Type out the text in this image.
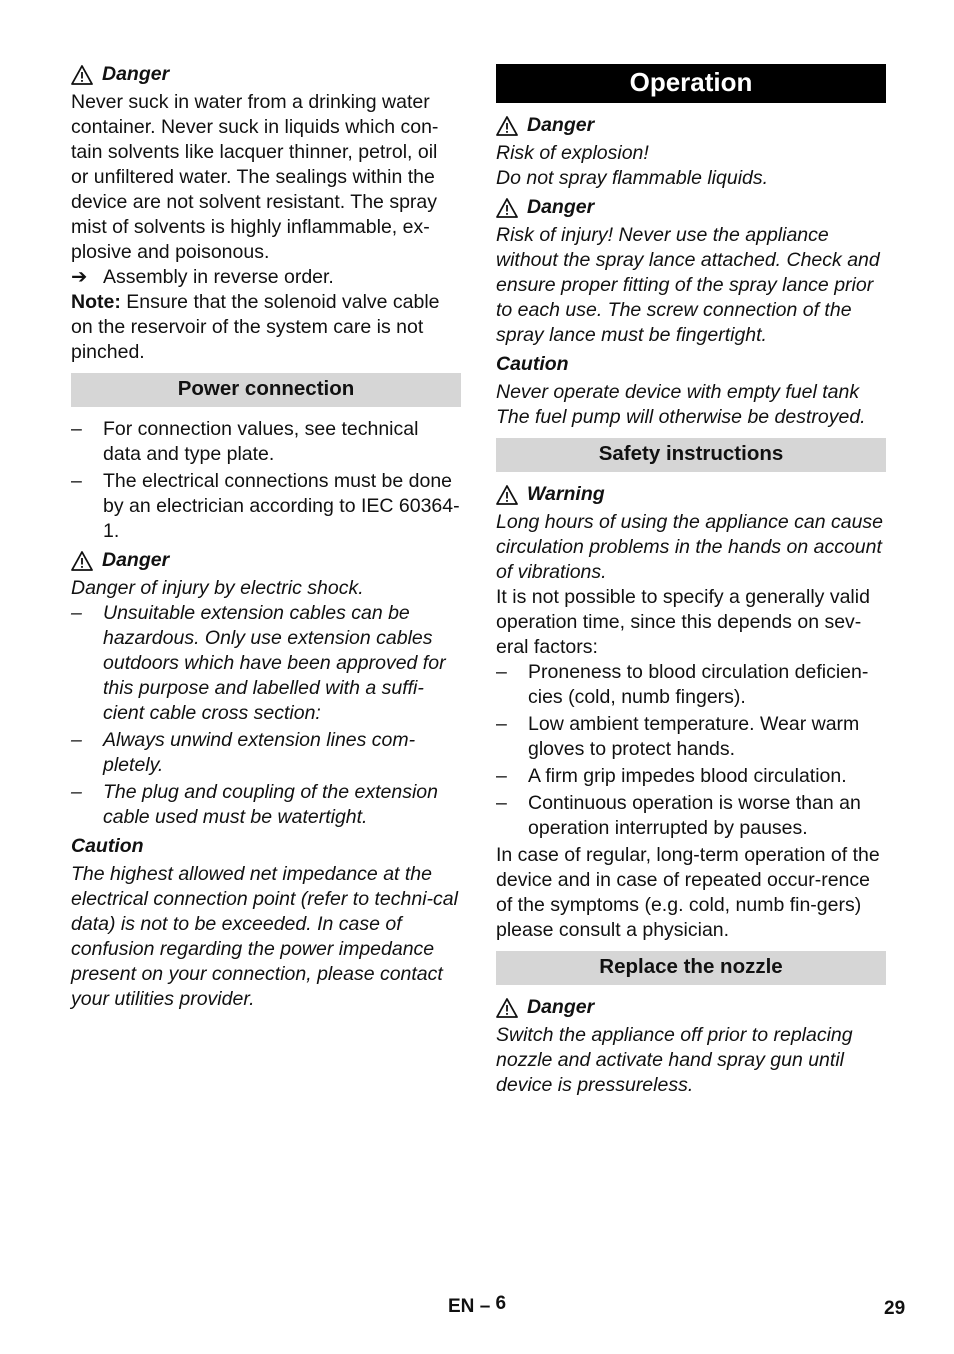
Danger

Never suck in water from a drinking water container. Never suck in liquids which con-tain solvents like lacquer thinner, petrol, oil or unfiltered water. The sealings within the device are not solvent resistant. The spray mist of solvents is highly inflammable, ex-plosive and poisonous.

➔ Assembly in reverse order.

Note: Ensure that the solenoid valve cable on the reservoir of the system care is not pinched.

Power connection
– For connection values, see technical data and type plate.
– The electrical connections must be done by an electrician according to IEC 60364-1.
Danger

Danger of injury by electric shock.

– Unsuitable extension cables can be hazardous. Only use extension cables outdoors which have been approved for this purpose and labelled with a suffi-cient cable cross section:
– Always unwind extension lines com-pletely.
– The plug and coupling of the extension cable used must be watertight.
Caution

The highest allowed net impedance at the electrical connection point (refer to techni-cal data) is not to be exceeded. In case of confusion regarding the power impedance present on your connection, please contact your utilities provider.

Operation
Danger

Risk of explosion!

Do not spray flammable liquids.

Danger

Risk of injury! Never use the appliance without the spray lance attached. Check and ensure proper fitting of the spray lance prior to each use. The screw connection of the spray lance must be fingertight.

Caution

Never operate device with empty fuel tank

The fuel pump will otherwise be destroyed.

Safety instructions
Warning

Long hours of using the appliance can cause circulation problems in the hands on account of vibrations.

It is not possible to specify a generally valid operation time, since this depends on sev-eral factors:

– Proneness to blood circulation deficien-cies (cold, numb fingers).
– Low ambient temperature. Wear warm gloves to protect hands.
– A firm grip impedes blood circulation.
– Continuous operation is worse than an operation interrupted by pauses.

In case of regular, long-term operation of the device and in case of repeated occur-rence of the symptoms (e.g. cold, numb fin-gers) please consult a physician.

Replace the nozzle
Danger

Switch the appliance off prior to replacing nozzle and activate hand spray gun until device is pressureless.

EN – 6	29
